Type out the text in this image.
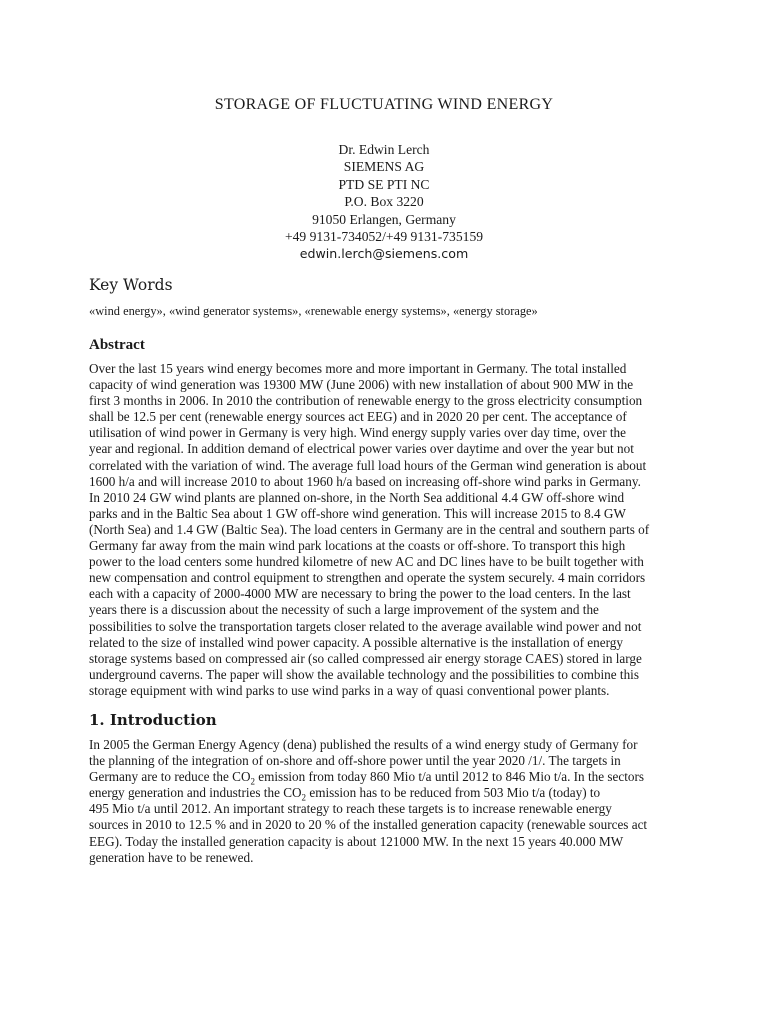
STORAGE OF FLUCTUATING WIND ENERGY
Dr. Edwin Lerch
SIEMENS AG
PTD SE PTI NC
P.O. Box 3220
91050 Erlangen, Germany
+49 9131-734052/+49 9131-735159
edwin.lerch@siemens.com
Key Words
«wind energy», «wind generator systems», «renewable energy systems», «energy storage»
Abstract
Over the last 15 years wind energy becomes more and more important in Germany. The total installed
capacity of wind generation was 19300 MW (June 2006) with new installation of about 900 MW in the
first 3 months in 2006. In 2010 the contribution of renewable energy to the gross electricity consumption
shall be 12.5 per cent (renewable energy sources act EEG) and in 2020 20 per cent. The acceptance of
utilisation of wind power in Germany is very high. Wind energy supply varies over day time, over the
year and regional. In addition demand of electrical power varies over daytime and over the year but not
correlated with the variation of wind. The average full load hours of the German wind generation is about
1600 h/a and will increase 2010 to about 1960 h/a based on increasing off-shore wind parks in Germany.
In 2010 24 GW wind plants are planned on-shore, in the North Sea additional 4.4 GW off-shore wind
parks and in the Baltic Sea about 1 GW off-shore wind generation. This will increase 2015 to 8.4 GW
(North Sea) and 1.4 GW (Baltic Sea). The load centers in Germany are in the central and southern parts of
Germany far away from the main wind park locations at the coasts or off-shore. To transport this high
power to the load centers some hundred kilometre of new AC and DC lines have to be built together with
new compensation and control equipment to strengthen and operate the system securely. 4 main corridors
each with a capacity of 2000-4000 MW are necessary to bring the power to the load centers. In the last
years there is a discussion about the necessity of such a large improvement of the system and the
possibilities to solve the transportation targets closer related to the average available wind power and not
related to the size of installed wind power capacity. A possible alternative is the installation of energy
storage systems based on compressed air (so called compressed air energy storage CAES) stored in large
underground caverns. The paper will show the available technology and the possibilities to combine this
storage equipment with wind parks to use wind parks in a way of quasi conventional power plants.
1. Introduction
In 2005 the German Energy Agency (dena) published the results of a wind energy study of Germany for
the planning of the integration of on-shore and off-shore power until the year 2020 /1/. The targets in
Germany are to reduce the $CO_2$ emission from today 860 Mio t/a until 2012 to 846 Mio t/a. In the sectors
energy generation and industries the $CO_2$ emission has to be reduced from 503 Mio t/a (today) to
495 Mio t/a until 2012. An important strategy to reach these targets is to increase renewable energy
sources in 2010 to 12.5 % and in 2020 to 20 % of the installed generation capacity (renewable sources act
EEG). Today the installed generation capacity is about 121000 MW. In the next 15 years 40.000 MW
generation have to be renewed.
